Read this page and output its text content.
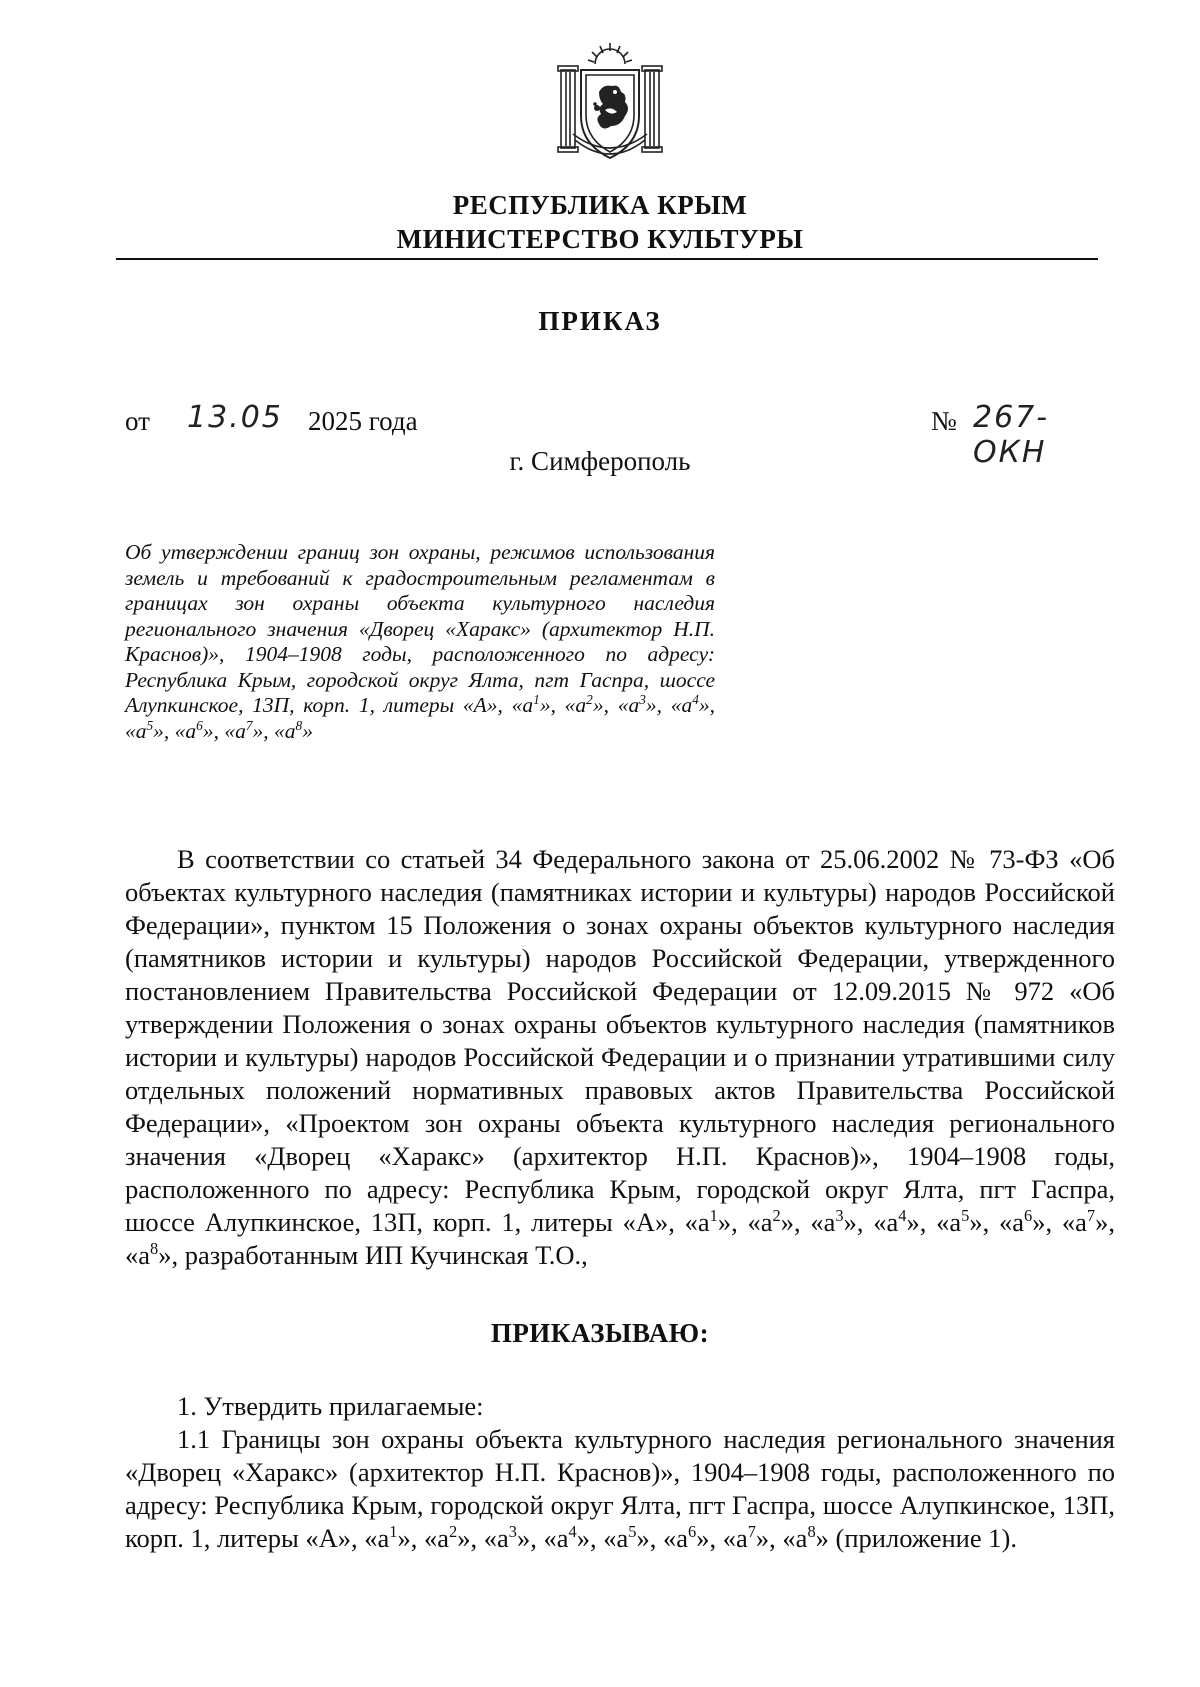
РЕСПУБЛИКА КРЫМ
МИНИСТЕРСТВО КУЛЬТУРЫ
ПРИКАЗ
от 13.05 2025 года	№ 267-ОКН
г. Симферополь
Об утверждении границ зон охраны, режимов использования земель и требований к градостроительным регламентам в границах зон охраны объекта культурного наследия регионального значения «Дворец «Харакс» (архитектор Н.П. Краснов)», 1904–1908 годы, расположенного по адресу: Республика Крым, городской округ Ялта, пгт Гаспра, шоссе Алупкинское, 13П, корп. 1, литеры «А», «$а^1$», «$а^2$», «$а^3$», «$а^4$», «$а^5$», «$а^6$», «$а^7$», «$а^8$»

В соответствии со статьей 34 Федерального закона от 25.06.2002 № 73-ФЗ «Об объектах культурного наследия (памятниках истории и культуры) народов Российской Федерации», пунктом 15 Положения о зонах охраны объектов культурного наследия (памятников истории и культуры) народов Российской Федерации, утвержденного постановлением Правительства Российской Федерации от 12.09.2015 № 972 «Об утверждении Положения о зонах охраны объектов культурного наследия (памятников истории и культуры) народов Российской Федерации и о признании утратившими силу отдельных положений нормативных правовых актов Правительства Российской Федерации», «Проектом зон охраны объекта культурного наследия регионального значения «Дворец «Харакс» (архитектор Н.П. Краснов)», 1904–1908 годы, расположенного по адресу: Республика Крым, городской округ Ялта, пгт Гаспра, шоссе Алупкинское, 13П, корп. 1, литеры «А», «$а^1$», «$а^2$», «$а^3$», «$а^4$», «$а^5$», «$а^6$», «$а^7$», «$а^8$», разработанным ИП Кучинская Т.О.,

ПРИКАЗЫВАЮ:

1. Утвердить прилагаемые:

1.1 Границы зон охраны объекта культурного наследия регионального значения «Дворец «Харакс» (архитектор Н.П. Краснов)», 1904–1908 годы, расположенного по адресу: Республика Крым, городской округ Ялта, пгт Гаспра, шоссе Алупкинское, 13П, корп. 1, литеры «А», «$а^1$», «$а^2$», «$а^3$», «$а^4$», «$а^5$», «$а^6$», «$а^7$», «$а^8$» (приложение 1).
